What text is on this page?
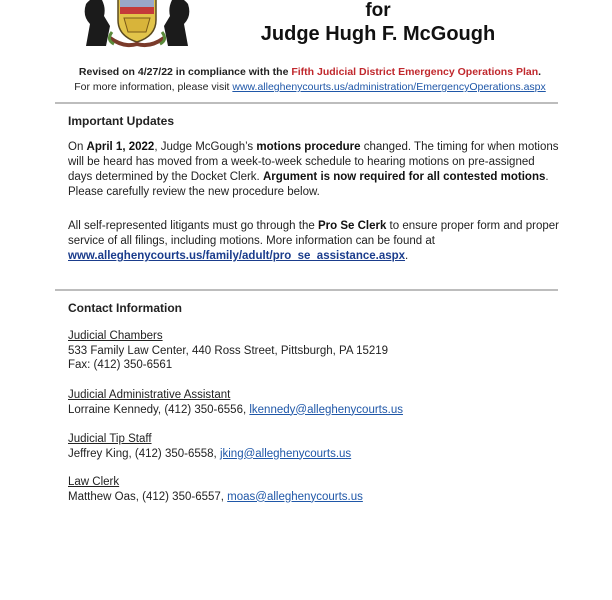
for
Judge Hugh F. McGough
Revised on 4/27/22 in compliance with the Fifth Judicial District Emergency Operations Plan.
For more information, please visit www.alleghenycourts.us/administration/EmergencyOperations.aspx
Important Updates
On April 1, 2022, Judge McGough’s motions procedure changed. The timing for when motions will be heard has moved from a week-to-week schedule to hearing motions on pre-assigned days determined by the Docket Clerk. Argument is now required for all contested motions. Please carefully review the new procedure below.
All self-represented litigants must go through the Pro Se Clerk to ensure proper form and proper service of all filings, including motions. More information can be found at www.alleghenycourts.us/family/adult/pro_se_assistance.aspx.
Contact Information
Judicial Chambers
533 Family Law Center, 440 Ross Street, Pittsburgh, PA 15219
Fax: (412) 350-6561
Judicial Administrative Assistant
Lorraine Kennedy, (412) 350-6556, lkennedy@alleghenycourts.us
Judicial Tip Staff
Jeffrey King, (412) 350-6558, jking@alleghenycourts.us
Law Clerk
Matthew Oas, (412) 350-6557, moas@alleghenycourts.us
